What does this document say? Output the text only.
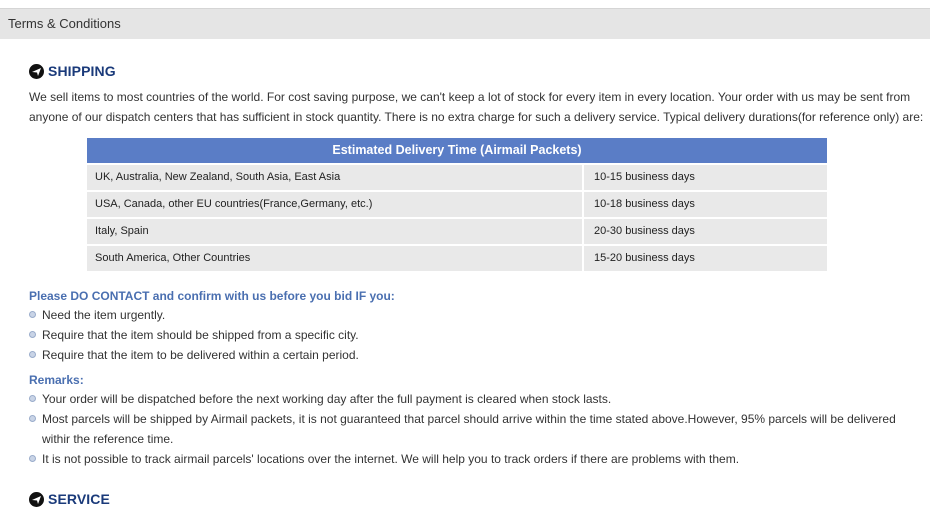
Terms & Conditions
SHIPPING
We sell items to most countries of the world. For cost saving purpose, we can't keep a lot of stock for every item in every location. Your order with us may be sent from anyone of our dispatch centers that has sufficient in stock quantity. There is no extra charge for such a delivery service. Typical delivery durations(for reference only) are:
Estimated Delivery Time (Airmail Packets)
UK, Australia, New Zealand, South Asia, East Asia	10-15 business days
USA, Canada, other EU countries(France,Germany, etc.)	10-18 business days
Italy, Spain	20-30 business days
South America, Other Countries	15-20 business days
Please DO CONTACT and confirm with us before you bid IF you:
Need the item urgently.
Require that the item should be shipped from a specific city.
Require that the item to be delivered within a certain period.
Remarks:
Your order will be dispatched before the next working day after the full payment is cleared when stock lasts.
Most parcels will be shipped by Airmail packets, it is not guaranteed that parcel should arrive within the time stated above.However, 95% parcels will be delivered withir the reference time.
It is not possible to track airmail parcels' locations over the internet. We will help you to track orders if there are problems with them.
SERVICE
